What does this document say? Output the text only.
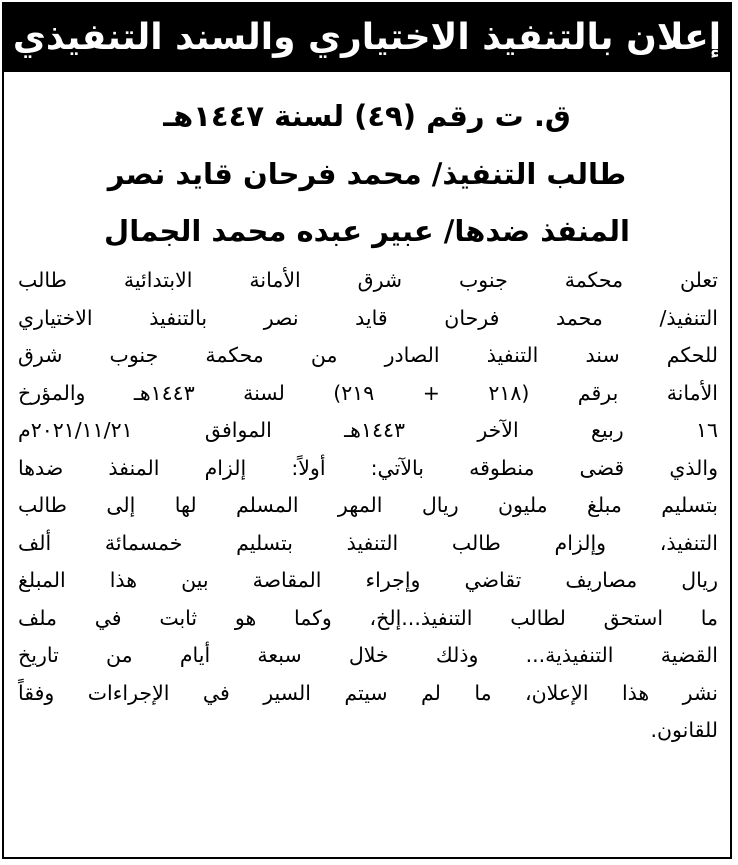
إعلان بالتنفيذ الاختياري والسند التنفيذي
ق. ت رقم (٤٩) لسنة ١٤٤٧هـ
طالب التنفيذ/ محمد فرحان قايد نصر
المنفذ ضدها/ عبير عبده محمد الجمال
تعلن محكمة جنوب شرق الأمانة الابتدائية طالب
التنفيذ/ محمد فرحان قايد نصر بالتنفيذ الاختياري
للحكم سند التنفيذ الصادر من محكمة جنوب شرق
الأمانة برقم (٢١٨ + ٢١٩) لسنة ١٤٤٣هـ والمؤرخ
١٦ ربيع الآخر ١٤٤٣هـ الموافق ٢٠٢١/١١/٢١م
والذي قضى منطوقه بالآتي: أولاً: إلزام المنفذ ضدها
بتسليم مبلغ مليون ريال المهر المسلم لها إلى طالب
التنفيذ، وإلزام طالب التنفيذ بتسليم خمسمائة ألف
ريال مصاريف تقاضي وإجراء المقاصة بين هذا المبلغ
ما استحق لطالب التنفيذ...إلخ، وكما هو ثابت في ملف
القضية التنفيذية... وذلك خلال سبعة أيام من تاريخ
نشر هذا الإعلان، ما لم سيتم السير في الإجراءات وفقاً
للقانون.
